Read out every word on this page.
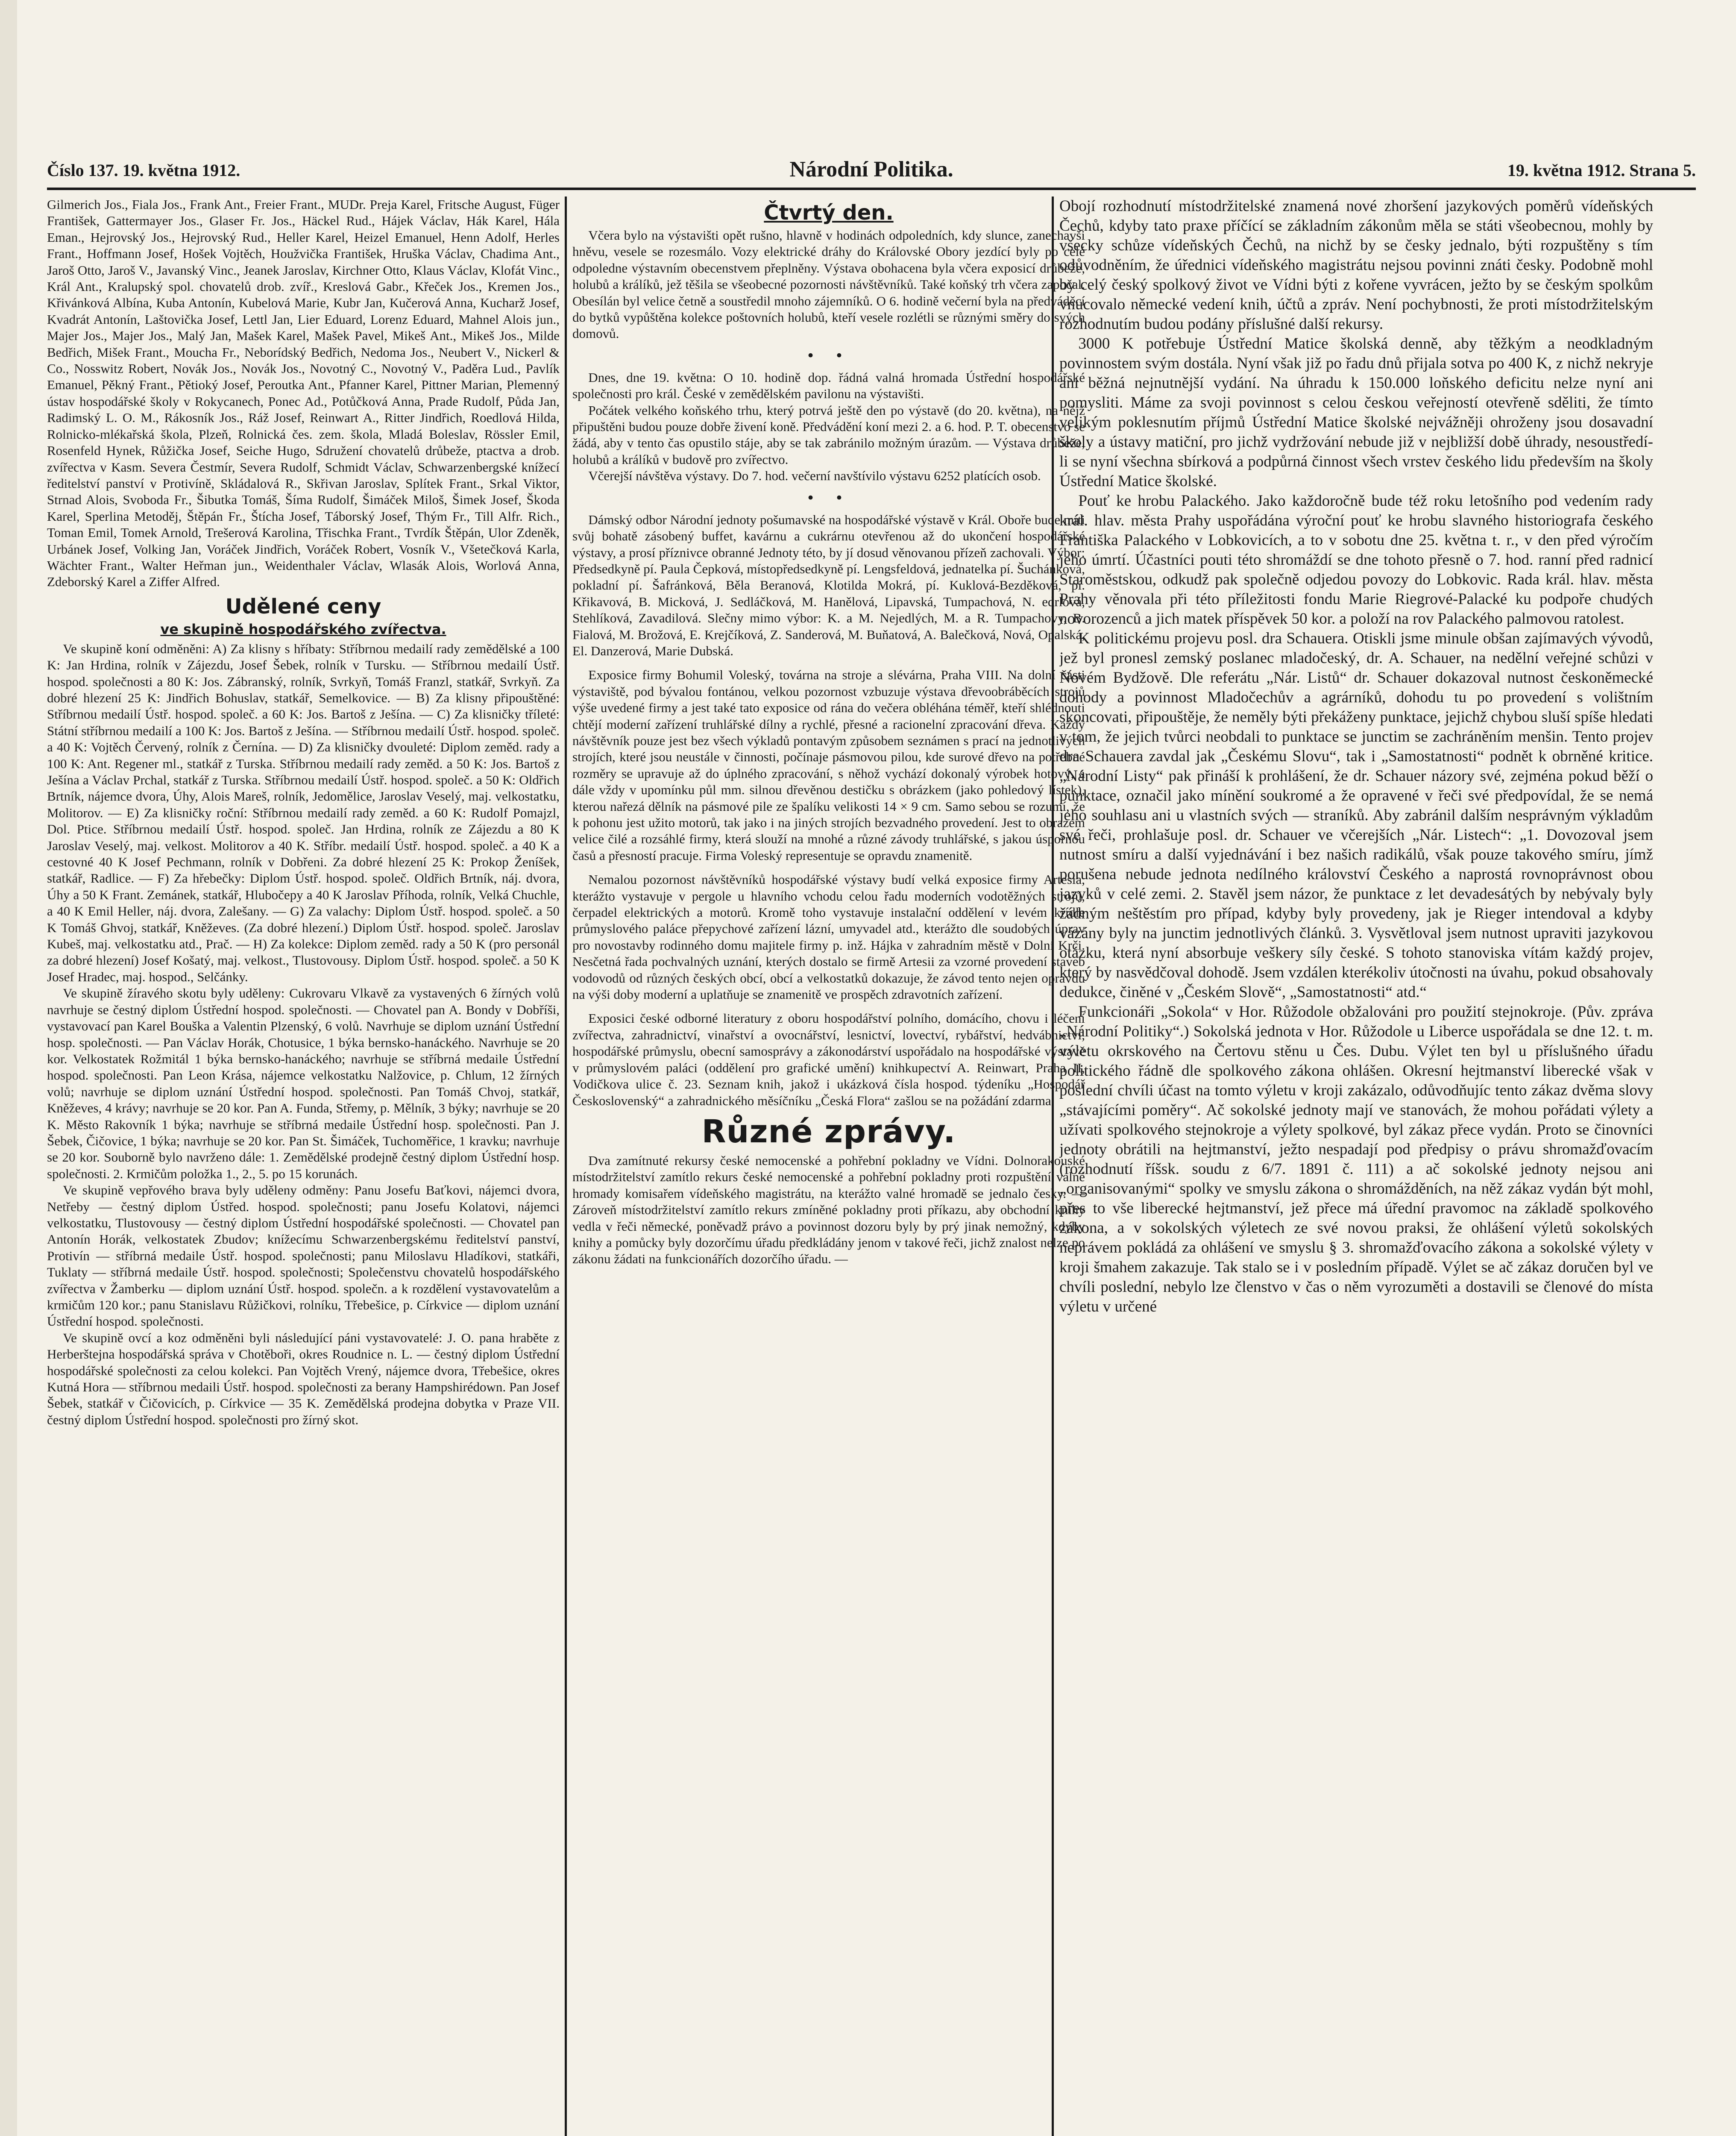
Číslo 137. 19. května 1912.	Národní Politika.	19. května 1912. Strana 5.

Gilmerich Jos., Fiala Jos., Frank Ant., Freier Frant., MUDr. Preja Karel, Fritsche August, Füger František, Gattermayer Jos., Glaser Fr. Jos., Häckel Rud., Hájek Václav, Hák Karel, Hála Eman., Hejrovský Jos., Hejrovský Rud., Heller Karel, Heizel Emanuel, Henn Adolf, Herles Frant., Hoffmann Josef, Hošek Vojtěch, Houžvička František, Hruška Václav, Chadima Ant., Jaroš Otto, Jaroš V., Javanský Vinc., Jeanek Jaroslav, Kirchner Otto, Klaus Václav, Klofát Vinc., Král Ant., Kralupský spol. chovatelů drob. zvíř., Kreslová Gabr., Křeček Jos., Kremen Jos., Křivánková Albína, Kuba Antonín, Kubelová Marie, Kubr Jan, Kučerová Anna, Kucharž Josef, Kvadrát Antonín, Laštovička Josef, Lettl Jan, Lier Eduard, Lorenz Eduard, Mahnel Alois jun., Majer Jos., Majer Jos., Malý Jan, Mašek Karel, Mašek Pavel, Mikeš Ant., Mikeš Jos., Milde Bedřich, Mišek Frant., Moucha Fr., Neborídský Bedřich, Nedoma Jos., Neubert V., Nickerl & Co., Nosswitz Robert, Novák Jos., Novák Jos., Novotný C., Novotný V., Paděra Lud., Pavlík Emanuel, Pěkný Frant., Pětioký Josef, Peroutka Ant., Pfanner Karel, Pittner Marian, Plemenný ústav hospodářské školy v Rokycanech, Ponec Ad., Potůčková Anna, Prade Rudolf, Půda Jan, Radimský L. O. M., Rákosník Jos., Ráž Josef, Reinwart A., Ritter Jindřich, Roedlová Hilda, Rolnicko-mlékařská škola, Plzeň, Rolnická čes. zem. škola, Mladá Boleslav, Rössler Emil, Rosenfeld Hynek, Růžička Josef, Seiche Hugo, Sdružení chovatelů drůbeže, ptactva a drob. zvířectva v Kasm. Severa Čestmír, Severa Rudolf, Schmidt Václav, Schwarzenbergské knížecí ředitelství panství v Protivíně, Skládalová R., Skřivan Jaroslav, Splítek Frant., Srkal Viktor, Strnad Alois, Svoboda Fr., Šibutka Tomáš, Šíma Rudolf, Šimáček Miloš, Šimek Josef, Škoda Karel, Sperlina Metoděj, Štěpán Fr., Štícha Josef, Táborský Josef, Thým Fr., Till Alfr. Rich., Toman Emil, Tomek Arnold, Trešerová Karolina, Třischka Frant., Tvrdík Štěpán, Ulor Zdeněk, Urbánek Josef, Volking Jan, Voráček Jindřich, Voráček Robert, Vosník V., Všetečková Karla, Wächter Frant., Walter Heřman jun., Weidenthaler Václav, Wlasák Alois, Worlová Anna, Zdeborský Karel a Ziffer Alfred.

Udělené ceny
ve skupině hospodářského zvířectva.

Ve skupině koní odměněni: A) Za klisny s hříbaty: Stříbrnou medailí rady zemědělské a 100 K: Jan Hrdina, rolník v Zájezdu, Josef Šebek, rolník v Tursku. — Stříbrnou medailí Ústř. hospod. společnosti a 80 K: Jos. Zábranský, rolník, Svrkyň, Tomáš Franzl, statkář, Svrkyň. Za dobré hlezení 25 K: Jindřich Bohuslav, statkář, Semelkovice. — B) Za klisny připouštěné: Stříbrnou medailí Ústř. hospod. společ. a 60 K: Jos. Bartoš z Ješína. — C) Za klisničky tříleté: Státní stříbrnou medailí a 100 K: Jos. Bartoš z Ješína. — Stříbrnou medailí Ústř. hospod. společ. a 40 K: Vojtěch Červený, rolník z Černína. — D) Za klisničky dvouleté: Diplom zeměd. rady a 100 K: Ant. Regener ml., statkář z Turska. Stříbrnou medailí rady zeměd. a 50 K: Jos. Bartoš z Ješína a Václav Prchal, statkář z Turska. Stříbrnou medailí Ústř. hospod. společ. a 50 K: Oldřich Brtník, nájemce dvora, Úhy, Alois Mareš, rolník, Jedomělice, Jaroslav Veselý, maj. velkostatku, Molitorov. — E) Za klisničky roční: Stříbrnou medailí rady zeměd. a 60 K: Rudolf Pomajzl, Dol. Ptice. Stříbrnou medailí Ústř. hospod. společ. Jan Hrdina, rolník ze Zájezdu a 80 K Jaroslav Veselý, maj. velkost. Molitorov a 40 K. Stříbr. medailí Ústř. hospod. společ. a 40 K a cestovné 40 K Josef Pechmann, rolník v Dobřeni. Za dobré hlezení 25 K: Prokop Ženíšek, statkář, Radlice. — F) Za hřebečky: Diplom Ústř. hospod. společ. Oldřich Brtník, náj. dvora, Úhy a 50 K Frant. Zemánek, statkář, Hlubočepy a 40 K Jaroslav Příhoda, rolník, Velká Chuchle, a 40 K Emil Heller, náj. dvora, Zalešany. — G) Za valachy: Diplom Ústř. hospod. společ. a 50 K Tomáš Ghvoj, statkář, Kněževes. (Za dobré hlezení.) Diplom Ústř. hospod. společ. Jaroslav Kubeš, maj. velkostatku atd., Prač. — H) Za kolekce: Diplom zeměd. rady a 50 K (pro personál za dobré hlezení) Josef Košatý, maj. velkost., Tlustovousy. Diplom Ústř. hospod. společ. a 50 K Josef Hradec, maj. hospod., Selčánky.

Ve skupině žíravého skotu byly uděleny: Cukrovaru Vlkavě za vystavených 6 žírných volů navrhuje se čestný diplom Ústřední hospod. společnosti. — Chovatel pan A. Bondy v Dobříši, vystavovací pan Karel Bouška a Valentin Plzenský, 6 volů. Navrhuje se diplom uznání Ústřední hosp. společnosti. — Pan Václav Horák, Chotusice, 1 býka bernsko-hanáckého. Navrhuje se 20 kor. Velkostatek Rožmitál 1 býka bernsko-hanáckého; navrhuje se stříbrná medaile Ústřední hospod. společnosti. Pan Leon Krása, nájemce velkostatku Nalžovice, p. Chlum, 12 žírných volů; navrhuje se diplom uznání Ústřední hospod. společnosti. Pan Tomáš Chvoj, statkář, Kněževes, 4 krávy; navrhuje se 20 kor. Pan A. Funda, Střemy, p. Mělník, 3 býky; navrhuje se 20 K. Město Rakovník 1 býka; navrhuje se stříbrná medaile Ústřední hosp. společnosti. Pan J. Šebek, Čičovice, 1 býka; navrhuje se 20 kor. Pan St. Šimáček, Tuchoměřice, 1 kravku; navrhuje se 20 kor. Souborně bylo navrženo dále: 1. Zemědělské prodejně čestný diplom Ústřední hosp. společnosti. 2. Krmičům položka 1., 2., 5. po 15 korunách.

Ve skupině vepřového brava byly uděleny odměny: Panu Josefu Baťkovi, nájemci dvora, Netřeby — čestný diplom Ústřed. hospod. společnosti; panu Josefu Kolatovi, nájemci velkostatku, Tlustovousy — čestný diplom Ústřední hospodářské společnosti. — Chovatel pan Antonín Horák, velkostatek Zbudov; knížecímu Schwarzenbergskému ředitelství panství, Protivín — stříbrná medaile Ústř. hospod. společnosti; panu Miloslavu Hladíkovi, statkáři, Tuklaty — stříbrná medaile Ústř. hospod. společnosti; Společenstvu chovatelů hospodářského zvířectva v Žamberku — diplom uznání Ústř. hospod. společn. a k rozdělení vystavovatelům a krmičům 120 kor.; panu Stanislavu Růžičkovi, rolníku, Třebešice, p. Církvice — diplom uznání Ústřední hospod. společnosti.

Ve skupině ovcí a koz odměněni byli následující páni vystavovatelé: J. O. pana hraběte z Herberštejna hospodářská správa v Chotěboři, okres Roudnice n. L. — čestný diplom Ústřední hospodářské společnosti za celou kolekci. Pan Vojtěch Vrený, nájemce dvora, Třebešice, okres Kutná Hora — stříbrnou medaili Ústř. hospod. společnosti za berany Hampshirédown. Pan Josef Šebek, statkář v Čičovicích, p. Církvice — 35 K. Zemědělská prodejna dobytka v Praze VII. čestný diplom Ústřední hospod. společnosti pro žírný skot.

Čtvrtý den.

Včera bylo na výstavišti opět rušno, hlavně v hodinách odpoledních, kdy slunce, zanechavši hněvu, vesele se rozesmálo. Vozy elektrické dráhy do Královské Obory jezdící byly po celé odpoledne výstavním obecenstvem přeplněny. Výstava obohacena byla včera exposicí drůbeže, holubů a králíků, jež těšila se všeobecné pozornosti návštěvníků. Také koňský trh včera započal. Obesílán byl velice četně a soustředil mnoho zájemníků. O 6. hodině večerní byla na předváděcí do bytků vypůštěna kolekce poštovních holubů, kteří vesele rozlétli se různými směry do svých domovů.

• •

Dnes, dne 19. května: O 10. hodině dop. řádná valná hromada Ústřední hospodářské společnosti pro král. České v zemědělském pavilonu na výstavišti.

Počátek velkého koňského trhu, který potrvá ještě den po výstavě (do 20. května), na nějž připuštěni budou pouze dobře živení koně. Předvádění koní mezi 2. a 6. hod. P. T. obecenstvo se žádá, aby v tento čas opustilo stáje, aby se tak zabránilo možným úrazům. — Výstava drůbeže, holubů a králíků v budově pro zvířectvo.

Včerejší návštěva výstavy. Do 7. hod. večerní navštívilo výstavu 6252 platících osob.

• •

Dámský odbor Národní jednoty pošumavské na hospodářské výstavě v Král. Oboře bude míti svůj bohatě zásobený buffet, kavárnu a cukrárnu otevřenou až do ukončení hospodářské výstavy, a prosí příznivce obranné Jednoty této, by jí dosud věnovanou přízeň zachovali. Výbor: Předsedkyně pí. Paula Čepková, místopředsedkyně pí. Lengsfeldová, jednatelka pí. Šuchánková, pokladní pí. Šafránková, Běla Beranová, Klotilda Mokrá, pí. Kuklová-Bezděková, pí. Křikavová, B. Micková, J. Sedláčková, M. Hanělová, Lipavská, Tumpachová, N. edrlová, Stehlíková, Zavadilová. Slečny mimo výbor: K. a M. Nejedlých, M. a R. Tumpachovy, B. Fialová, M. Brožová, E. Krejčíková, Z. Sanderová, M. Buňatová, A. Balečková, Nová, Opalská, El. Danzerová, Marie Dubská.

Exposice firmy Bohumil Voleský, továrna na stroje a slévárna, Praha VIII. Na dolní části výstaviště, pod bývalou fontánou, velkou pozornost vzbuzuje výstava dřevoobráběcích strojů výše uvedené firmy a jest také tato exposice od rána do večera obléhána téměř, kteří shlédnouti chtějí moderní zařízení truhlářské dílny a rychlé, přesné a racionelní zpracování dřeva. Každý návštěvník pouze jest bez všech výkladů pontavým způsobem seznámen s prací na jednotlivých strojích, které jsou neustále v činnosti, počínaje pásmovou pilou, kde surové dřevo na potřebné rozměry se upravuje až do úplného zpracování, s něhož vychází dokonalý výrobek hotový, a dále vždy v upomínku půl mm. silnou dřevěnou destičku s obrázkem (jako pohledový lístek), kterou nařezá dělník na pásmové pile ze špalíku velikosti 14 × 9 cm. Samo sebou se rozumí, že k pohonu jest užito motorů, tak jako i na jiných strojích bezvadného provedení. Jest to obrazem velice čilé a rozsáhlé firmy, která slouží na mnohé a různé závody truhlářské, s jakou úspornou časů a přesností pracuje. Firma Voleský representuje se opravdu znamenitě.

Nemalou pozornost návštěvníků hospodářské výstavy budí velká exposice firmy Artesia, kterážto vystavuje v pergole u hlavního vchodu celou řadu moderních vodotěžných strojů, čerpadel elektrických a motorů. Kromě toho vystavuje instalační oddělení v levém křídle průmyslového paláce přepychové zařízení lázní, umyvadel atd., kterážto dle soudobých úprav pro novostavby rodinného domu majitele firmy p. inž. Hájka v zahradním městě v Dolní Krči. Nesčetná řada pochvalných uznání, kterých dostalo se firmě Artesii za vzorné provedení staveb vodovodů od různých českých obcí, obcí a velkostatků dokazuje, že závod tento nejen opravdu na výši doby moderní a uplatňuje se znamenitě ve prospěch zdravotních zařízení.

Exposici české odborné literatury z oboru hospodářství polního, domácího, chovu i léčení zvířectva, zahradnictví, vinařství a ovocnářství, lesnictví, lovectví, rybářství, hedvábnictví, hospodářské průmyslu, obecní samosprávy a zákonodárství uspořádalo na hospodářské výstavě v průmyslovém paláci (oddělení pro grafické umění) knihkupectví A. Reinwart, Praha II, Vodičkova ulice č. 23. Seznam knih, jakož i ukázková čísla hospod. týdeníku „Hospodář Československý“ a zahradnického měsíčníku „Česká Flora“ zašlou se na požádání zdarma.

Různé zprávy.

Dva zamítnuté rekursy české nemocenské a pohřební pokladny ve Vídni. Dolnorakouské místodržitelství zamítlo rekurs české nemocenské a pohřební pokladny proti rozpuštění valné hromady komisařem vídeňského magistrátu, na kterážto valné hromadě se jednalo česky. — Zároveň místodržitelství zamítlo rekurs zmíněné pokladny proti příkazu, aby obchodní knihy vedla v řeči německé, poněvadž právo a povinnost dozoru byly by prý jinak nemožný, kdyby knihy a pomůcky byly dozorčímu úřadu předkládány jenom v takové řeči, jichž znalost nelze po zákonu žádati na funkcionářích dozorčího úřadu. —

Obojí rozhodnutí místodržitelské znamená nové zhoršení jazykových poměrů vídeňských Čechů, kdyby tato praxe příčící se základním zákonům měla se státi všeobecnou, mohly by všecky schůze vídeňských Čechů, na nichž by se česky jednalo, býti rozpuštěny s tím odůvodněním, že úřednici vídeňského magistrátu nejsou povinni znáti česky. Podobně mohl by celý český spolkový život ve Vídni býti z kořene vyvrácen, ježto by se českým spolkům vnucovalo německé vedení knih, účtů a zpráv. Není pochybnosti, že proti místodržitelským rozhodnutím budou podány příslušné další rekursy.

3000 K potřebuje Ústřední Matice školská denně, aby těžkým a neodkladným povinnostem svým dostála. Nyní však již po řadu dnů přijala sotva po 400 K, z nichž nekryje ani běžná nejnutnější vydání. Na úhradu k 150.000 loňského deficitu nelze nyní ani pomysliti. Máme za svoji povinnost s celou českou veřejností otevřeně sděliti, že tímto velikým poklesnutím příjmů Ústřední Matice školské nejvážněji ohroženy jsou dosavadní školy a ústavy matiční, pro jichž vydržování nebude již v nejbližší době úhrady, nesoustředí-li se nyní všechna sbírková a podpůrná činnost všech vrstev českého lidu především na školy Ústřední Matice školské.

Pouť ke hrobu Palackého. Jako každoročně bude též roku letošního pod vedením rady král. hlav. města Prahy uspořádána výroční pouť ke hrobu slavného historiografa českého Františka Palackého v Lobkovicích, a to v sobotu dne 25. května t. r., v den před výročím jeho úmrtí. Účastníci pouti této shromáždí se dne tohoto přesně o 7. hod. ranní před radnicí Staroměstskou, odkudž pak společně odjedou povozy do Lobkovic. Rada král. hlav. města Prahy věnovala při této příležitosti fondu Marie Riegrové-Palacké ku podpoře chudých novorozenců a jich matek příspěvek 50 kor. a položí na rov Palackého palmovou ratolest.

K politickému projevu posl. dra Schauera. Otiskli jsme minule obšan zajímavých vývodů, jež byl pronesl zemský poslanec mladočeský, dr. A. Schauer, na nedělní veřejné schůzi v Novém Bydžově. Dle referátu „Nár. Listů“ dr. Schauer dokazoval nutnost českoněmecké dohody a povinnost Mladočechův a agrárníků, dohodu tu po provedení s volištním skoncovati, připouštěje, že neměly býti překáženy punktace, jejichž chybou sluší spíše hledati v tom, že jejich tvůrci neobdali to punktace se junctim se zachráněním menšin. Tento projev dra Schauera zavdal jak „Českému Slovu“, tak i „Samostatnosti“ podnět k obrněné kritice. „Národní Listy“ pak přináší k prohlášení, že dr. Schauer názory své, zejména pokud běží o punktace, označil jako mínění soukromé a že opravené v řeči své předpovídal, že se nemá jeho souhlasu ani u vlastních svých — straníků. Aby zabránil dalším nesprávným výkladům své řeči, prohlašuje posl. dr. Schauer ve včerejších „Nár. Listech“: „1. Dovozoval jsem nutnost smíru a další vyjednávání i bez našich radikálů, však pouze takového smíru, jímž porušena nebude jednota nedílného království Českého a naprostá rovnoprávnost obou jazyků v celé zemi. 2. Stavěl jsem názor, že punktace z let devadesátých by nebývaly byly žádným neštěstím pro případ, kdyby byly provedeny, jak je Rieger intendoval a kdyby vázány byly na junctim jednotlivých článků. 3. Vysvětloval jsem nutnost upraviti jazykovou otázku, která nyní absorbuje veškery síly české. S tohoto stanoviska vítám každý projev, který by nasvědčoval dohodě. Jsem vzdálen kterékoliv útočnosti na úvahu, pokud obsahovaly dedukce, činěné v „Českém Slově“, „Samostatnosti“ atd.“

Funkcionáři „Sokola“ v Hor. Růžodole obžalováni pro použití stejnokroje. (Pův. zpráva „Národní Politiky“.) Sokolská jednota v Hor. Růžodole u Liberce uspořádala se dne 12. t. m. výletu okrskového na Čertovu stěnu u Čes. Dubu. Výlet ten byl u příslušného úřadu politického řádně dle spolkového zákona ohlášen. Okresní hejtmanství liberecké však v poslední chvíli účast na tomto výletu v kroji zakázalo, odůvodňujíc tento zákaz dvěma slovy „stávajícími poměry“. Ač sokolské jednoty mají ve stanovách, že mohou pořádati výlety a užívati spolkového stejnokroje a výlety spolkové, byl zákaz přece vydán. Proto se činovníci jednoty obrátili na hejtmanství, ježto nespadají pod předpisy o právu shromažďovacím (rozhodnutí říšsk. soudu z 6/7. 1891 č. 111) a ač sokolské jednoty nejsou ani „organisovanými“ spolky ve smyslu zákona o shromážděních, na něž zákaz vydán být mohl, přes to vše liberecké hejtmanství, jež přece má úřední pravomoc na základě spolkového zákona, a v sokolských výletech ze své novou praksi, že ohlášení výletů sokolských neprávem pokládá za ohlášení ve smyslu § 3. shromažďovacího zákona a sokolské výlety v kroji šmahem zakazuje. Tak stalo se i v posledním případě. Výlet se ač zákaz doručen byl ve chvíli poslední, nebylo lze členstvo v čas o něm vyrozuměti a dostavili se členové do místa výletu v určené
